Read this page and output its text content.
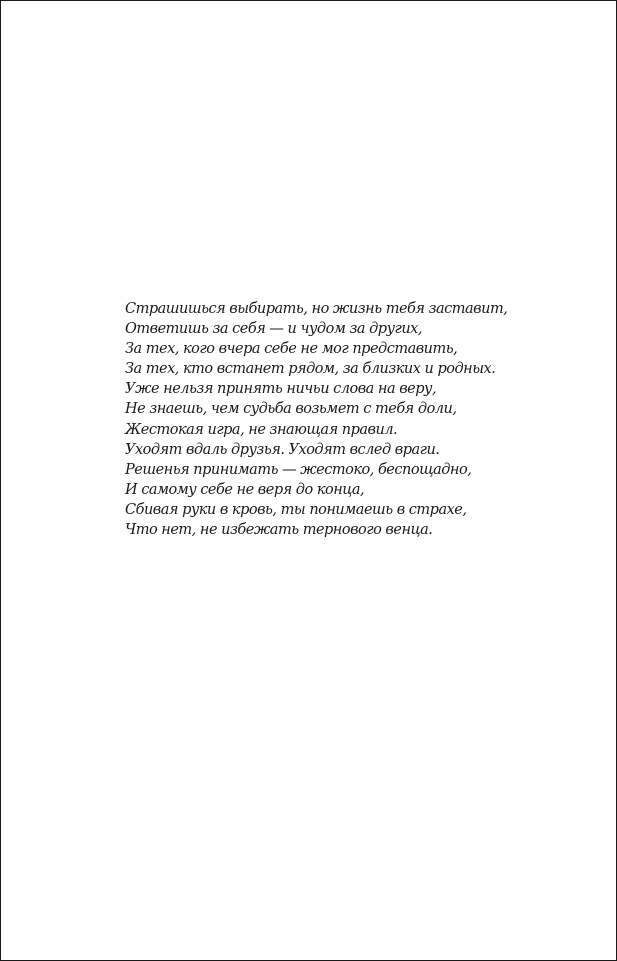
Страшишься выбирать, но жизнь тебя заставит,
Ответишь за себя — и чудом за других,
За тех, кого вчера себе не мог представить,
За тех, кто встанет рядом, за близких и родных.
Уже нельзя принять ничьи слова на веру,
Не знаешь, чем судьба возьмет с тебя доли,
Жестокая игра, не знающая правил.
Уходят вдаль друзья. Уходят вслед враги.
Решенья принимать — жестоко, беспощадно,
И самому себе не веря до конца,
Сбивая руки в кровь, ты понимаешь в страхе,
Что нет, не избежать тернового венца.
